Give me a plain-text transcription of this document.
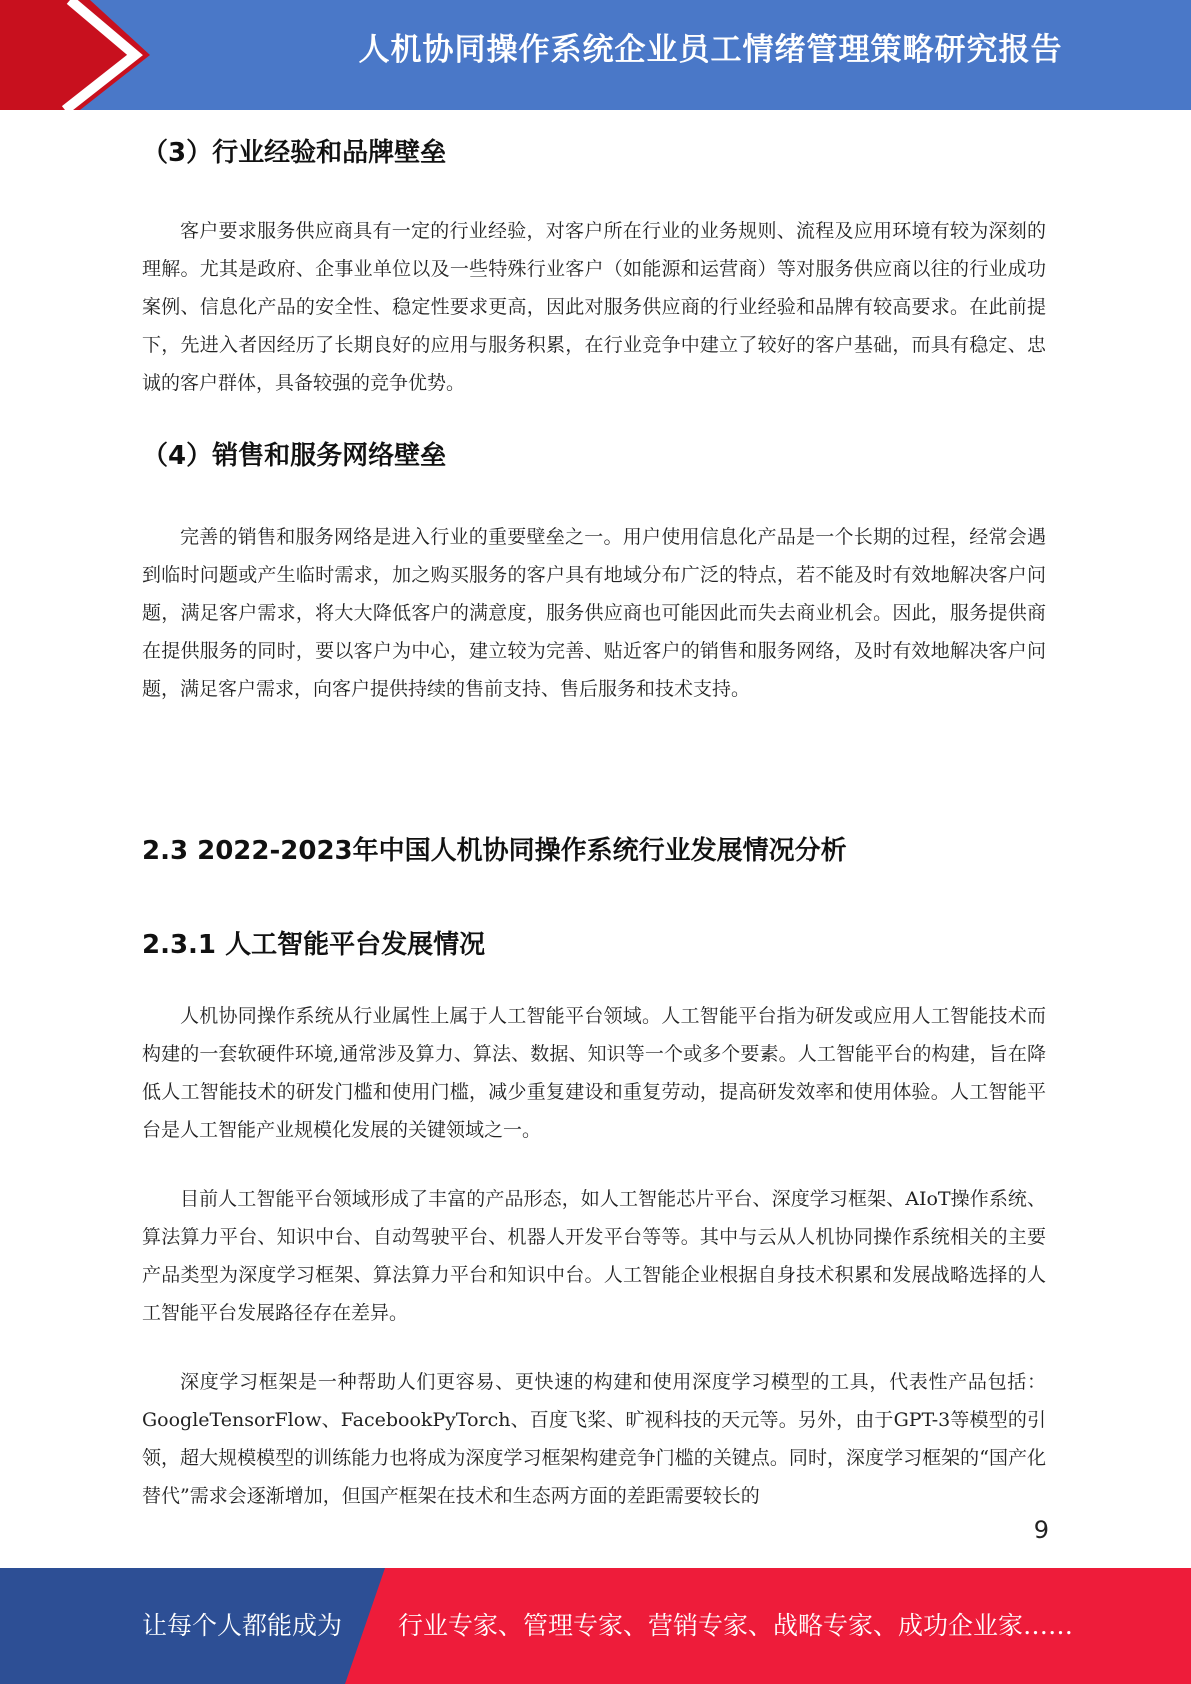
人机协同操作系统企业员工情绪管理策略研究报告
（3）行业经验和品牌壁垒
客户要求服务供应商具有一定的行业经验，对客户所在行业的业务规则、流程及应用环境有较为深刻的理解。尤其是政府、企事业单位以及一些特殊行业客户（如能源和运营商）等对服务供应商以往的行业成功案例、信息化产品的安全性、稳定性要求更高，因此对服务供应商的行业经验和品牌有较高要求。在此前提下，先进入者因经历了长期良好的应用与服务积累，在行业竞争中建立了较好的客户基础，而具有稳定、忠诚的客户群体，具备较强的竞争优势。
（4）销售和服务网络壁垒
完善的销售和服务网络是进入行业的重要壁垒之一。用户使用信息化产品是一个长期的过程，经常会遇到临时问题或产生临时需求，加之购买服务的客户具有地域分布广泛的特点，若不能及时有效地解决客户问题，满足客户需求，将大大降低客户的满意度，服务供应商也可能因此而失去商业机会。因此，服务提供商在提供服务的同时，要以客户为中心，建立较为完善、贴近客户的销售和服务网络，及时有效地解决客户问题，满足客户需求，向客户提供持续的售前支持、售后服务和技术支持。
2.3 2022-2023年中国人机协同操作系统行业发展情况分析
2.3.1 人工智能平台发展情况
人机协同操作系统从行业属性上属于人工智能平台领域。人工智能平台指为研发或应用人工智能技术而构建的一套软硬件环境,通常涉及算力、算法、数据、知识等一个或多个要素。人工智能平台的构建，旨在降低人工智能技术的研发门槛和使用门槛，减少重复建设和重复劳动，提高研发效率和使用体验。人工智能平台是人工智能产业规模化发展的关键领域之一。
目前人工智能平台领域形成了丰富的产品形态，如人工智能芯片平台、深度学习框架、AIoT操作系统、算法算力平台、知识中台、自动驾驶平台、机器人开发平台等等。其中与云从人机协同操作系统相关的主要产品类型为深度学习框架、算法算力平台和知识中台。人工智能企业根据自身技术积累和发展战略选择的人工智能平台发展路径存在差异。
深度学习框架是一种帮助人们更容易、更快速的构建和使用深度学习模型的工具，代表性产品包括：GoogleTensorFlow、FacebookPyTorch、百度飞桨、旷视科技的天元等。另外，由于GPT-3等模型的引领，超大规模模型的训练能力也将成为深度学习框架构建竞争门槛的关键点。同时，深度学习框架的“国产化替代”需求会逐渐增加，但国产框架在技术和生态两方面的差距需要较长的
9
让每个人都能成为 行业专家、管理专家、营销专家、战略专家、成功企业家……
